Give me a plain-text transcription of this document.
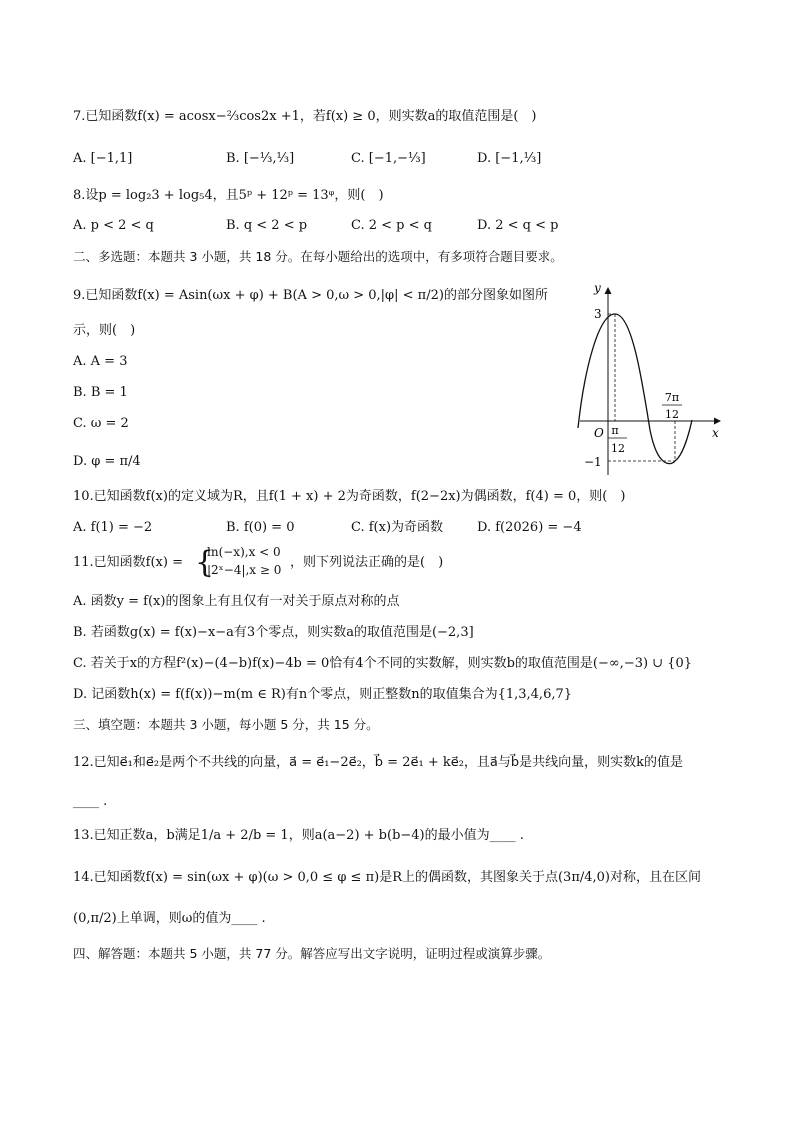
7.已知函数f(x) = acosx−⅔cos2x +1，若f(x) ≥ 0，则实数a的取值范围是(　)
A. [−1,1]	B. [−⅓,⅓]	C. [−1,−⅓]	D. [−1,⅓]
8.设p = log₂3 + log₅4，且5ᵖ + 12ᵖ = 13ᵠ，则(　)
A. p < 2 < q	B. q < 2 < p	C. 2 < p < q	D. 2 < q < p
二、多选题：本题共 3 小题，共 18 分。在每小题给出的选项中，有多项符合题目要求。
9.已知函数f(x) = Asin(ωx + φ) + B(A > 0,ω > 0,|φ| < π/2)的部分图象如图所
示，则(　)
A. A = 3
B. B = 1
C. ω = 2
D. φ = π/4
y
x
O
3
−1
π
12
7π
12
10.已知函数f(x)的定义域为R，且f(1 + x) + 2为奇函数，f(2−2x)为偶函数，f(4) = 0，则(　)
A. f(1) = −2	B. f(0) = 0	C. f(x)为奇函数	D. f(2026) = −4
11.已知函数f(x) = {
ln(−x),x < 0
|2ˣ−4|,x ≥ 0 ，则下列说法正确的是(　)
A. 函数y = f(x)的图象上有且仅有一对关于原点对称的点
B. 若函数g(x) = f(x)−x−a有3个零点，则实数a的取值范围是(−2,3]
C. 若关于x的方程f²(x)−(4−b)f(x)−4b = 0恰有4个不同的实数解，则实数b的取值范围是(−∞,−3) ∪ {0}
D. 记函数h(x) = f(f(x))−m(m ∈ R)有n个零点，则正整数n的取值集合为{1,3,4,6,7}
三、填空题：本题共 3 小题，每小题 5 分，共 15 分。
12.已知e⃗₁和e⃗₂是两个不共线的向量，a⃗ = e⃗₁−2e⃗₂，b⃗ = 2e⃗₁ + ke⃗₂，且a⃗与b⃗是共线向量，则实数k的值是
____ .
13.已知正数a，b满足1/a + 2/b = 1，则a(a−2) + b(b−4)的最小值为____ .
14.已知函数f(x) = sin(ωx + φ)(ω > 0,0 ≤ φ ≤ π)是R上的偶函数，其图象关于点(3π/4,0)对称，且在区间
(0,π/2)上单调，则ω的值为____ .
四、解答题：本题共 5 小题，共 77 分。解答应写出文字说明，证明过程或演算步骤。
